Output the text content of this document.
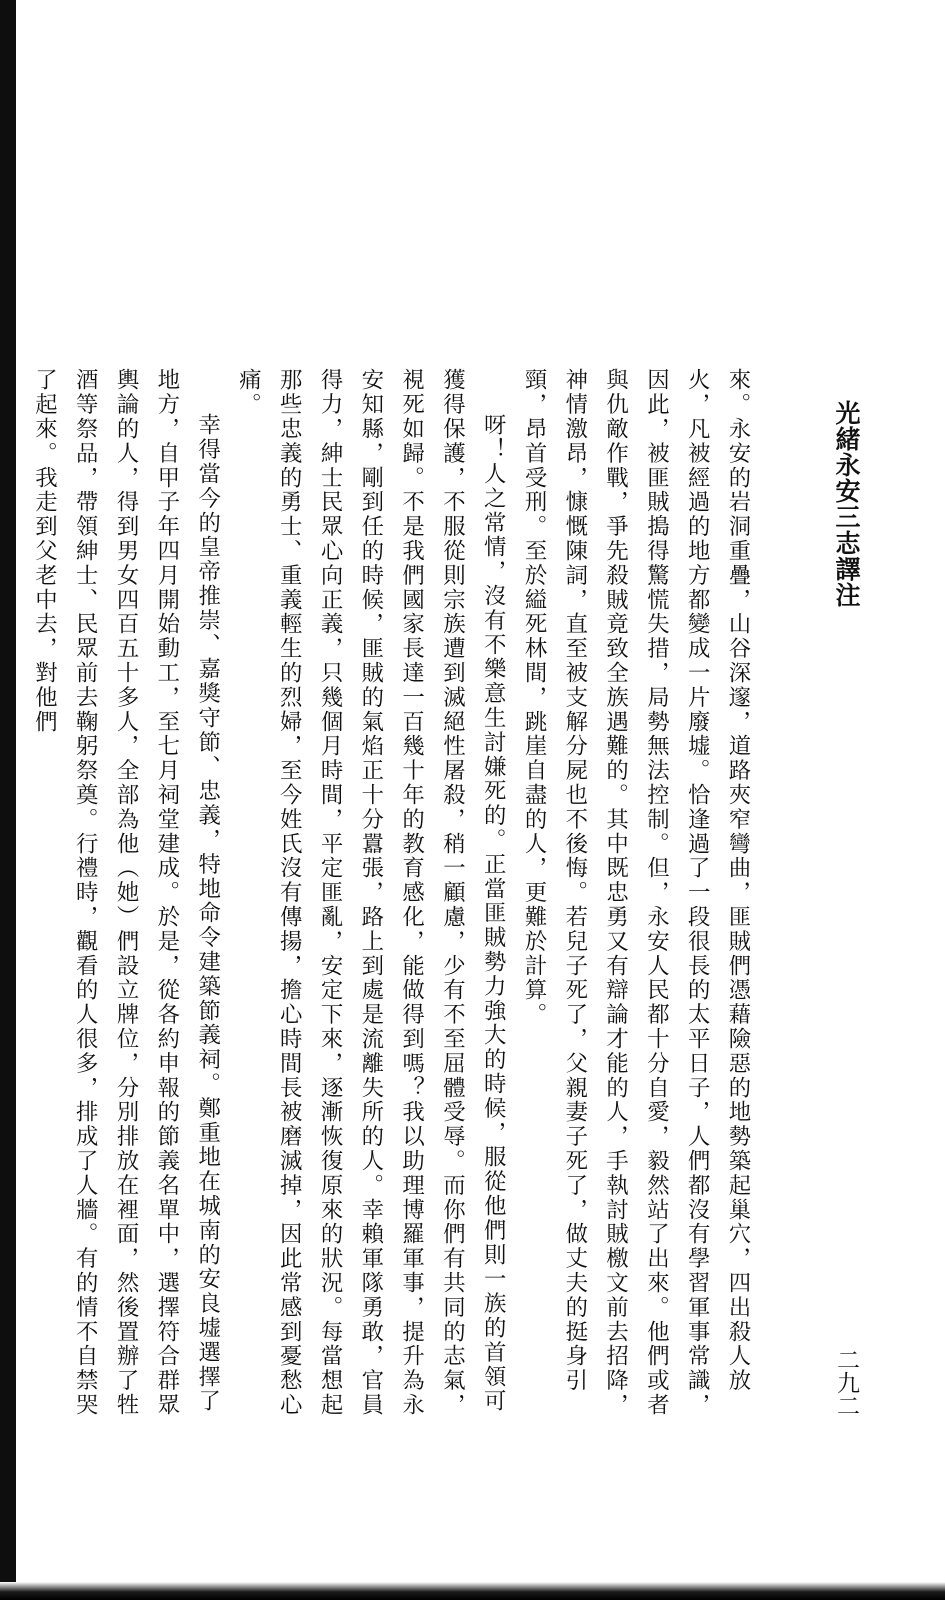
光緒永安三志譯注
二九二

來。永安的岩洞重疊，山谷深邃，道路夾窄彎曲，匪賊們憑藉險惡的地勢築起巢穴，四出殺人放火，凡被經過的地方都變成一片廢墟。恰逢過了一段很長的太平日子，人們都沒有學習軍事常識，因此，被匪賊搗得驚慌失措，局勢無法控制。但，永安人民都十分自愛，毅然站了出來。他們或者與仇敵作戰，爭先殺賊竟致全族遇難的。其中既忠勇又有辯論才能的人，手執討賊檄文前去招降，神情激昂，慷慨陳詞，直至被支解分屍也不後悔。若兒子死了，父親妻子死了，做丈夫的挺身引頸，昂首受刑。至於縊死林間，跳崖自盡的人，更難於計算。

呀！人之常情，沒有不樂意生討嫌死的。正當匪賊勢力強大的時候，服從他們則一族的首領可獲得保護，不服從則宗族遭到滅絕性屠殺，稍一顧慮，少有不至屈體受辱。而你們有共同的志氣，視死如歸。不是我們國家長達一百幾十年的教育感化，能做得到嗎？我以助理博羅軍事，提升為永安知縣，剛到任的時候，匪賊的氣焰正十分囂張，路上到處是流離失所的人。幸賴軍隊勇敢，官員得力，紳士民眾心向正義，只幾個月時間，平定匪亂，安定下來，逐漸恢復原來的狀況。每當想起那些忠義的勇士、重義輕生的烈婦，至今姓氏沒有傳揚，擔心時間長被磨滅掉，因此常感到憂愁心痛。

幸得當今的皇帝推崇、嘉獎守節、忠義，特地命令建築節義祠。鄭重地在城南的安良墟選擇了地方，自甲子年四月開始動工，至七月祠堂建成。於是，從各約申報的節義名單中，選擇符合群眾輿論的人，得到男女四百五十多人，全部為他（她）們設立牌位，分別排放在裡面，然後置辦了牲酒等祭品，帶領紳士、民眾前去鞠躬祭奠。行禮時，觀看的人很多，排成了人牆。有的情不自禁哭了起來。我走到父老中去，對他們
